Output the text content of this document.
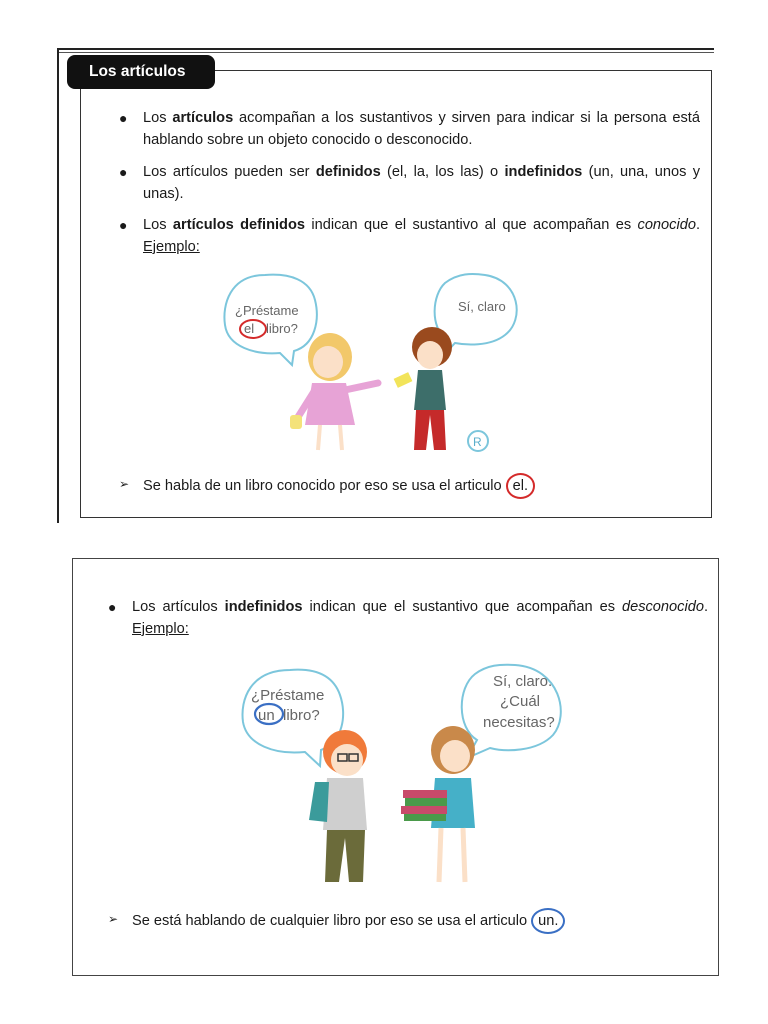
Los artículos
● Los artículos acompañan a los sustantivos y sirven para indicar si la persona está hablando sobre un objeto conocido o desconocido.
● Los artículos pueden ser definidos (el, la, los las) o indefinidos (un, una, unos y unas).
● Los artículos definidos indican que el sustantivo al que acompañan es conocido. Ejemplo:
¿Préstame
el libro?
Sí, claro
R
➢ Se habla de un libro conocido por eso se usa el articulo el.
● Los artículos indefinidos indican que el sustantivo que acompañan es desconocido. Ejemplo:
¿Préstame
un libro?
Sí, claro.
¿Cuál
necesitas?
➢ Se está hablando de cualquier libro por eso se usa el articulo un.
